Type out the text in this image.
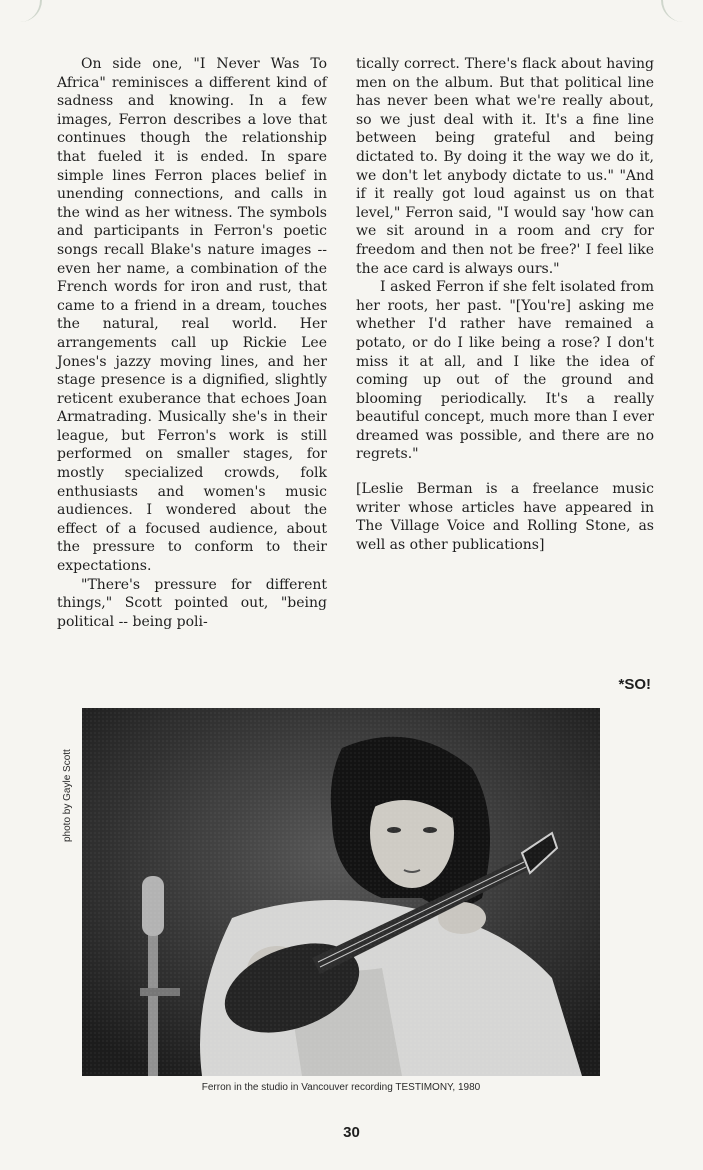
On side one, "I Never Was To Africa" reminisces a different kind of sadness and knowing. In a few images, Ferron describes a love that continues though the relationship that fueled it is ended. In spare simple lines Ferron places belief in unending connections, and calls in the wind as her witness. The symbols and participants in Ferron's poetic songs recall Blake's nature images -- even her name, a combination of the French words for iron and rust, that came to a friend in a dream, touches the natural, real world. Her arrangements call up Rickie Lee Jones's jazzy moving lines, and her stage presence is a dignified, slightly reticent exuberance that echoes Joan Armatrading. Musically she's in their league, but Ferron's work is still performed on smaller stages, for mostly specialized crowds, folk enthusiasts and women's music audiences. I wondered about the effect of a focused audience, about the pressure to conform to their expectations.

"There's pressure for different things," Scott pointed out, "being political -- being poli-

tically correct. There's flack about having men on the album. But that political line has never been what we're really about, so we just deal with it. It's a fine line between being grateful and being dictated to. By doing it the way we do it, we don't let anybody dictate to us." "And if it really got loud against us on that level," Ferron said, "I would say 'how can we sit around in a room and cry for freedom and then not be free?' I feel like the ace card is always ours."

I asked Ferron if she felt isolated from her roots, her past. "[You're] asking me whether I'd rather have remained a potato, or do I like being a rose? I don't miss it at all, and I like the idea of coming up out of the ground and blooming periodically. It's a really beautiful concept, much more than I ever dreamed was possible, and there are no regrets."

[Leslie Berman is a freelance music writer whose articles have appeared in The Village Voice and Rolling Stone, as well as other publications]

*SO!
photo by Gayle Scott
Ferron in the studio in Vancouver recording TESTIMONY, 1980
30
